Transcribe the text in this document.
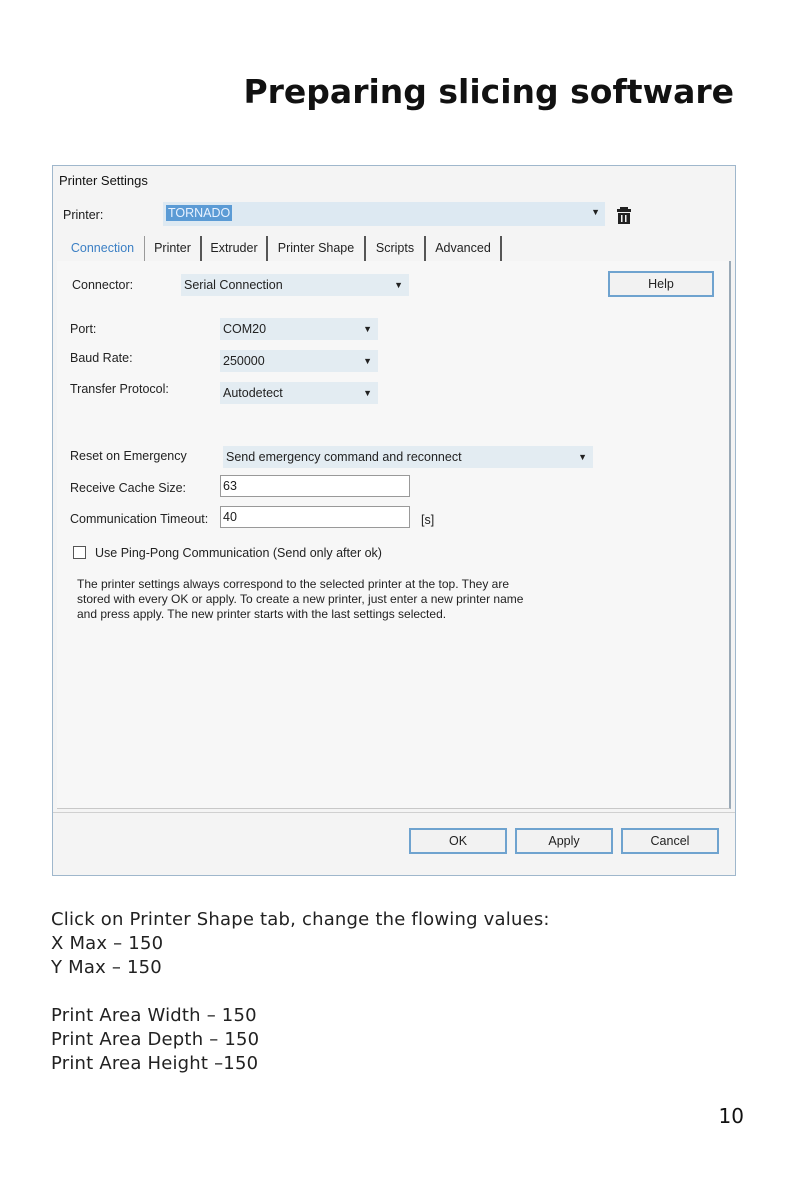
Preparing slicing software
Printer Settings
Printer:	TORNADO	▼
Connection	Printer	Extruder	Printer Shape	Scripts	Advanced
Connector:	Serial Connection	▼	Help
Port:	COM20	▼
Baud Rate:	250000	▼
Transfer Protocol:	Autodetect	▼
Reset on Emergency	Send emergency command and reconnect	▼
Receive Cache Size:	63
Communication Timeout: 40	[s]
Use Ping-Pong Communication (Send only after ok)
The printer settings always correspond to the selected printer at the top. They are stored with every OK or apply. To create a new printer, just enter a new printer name and press apply. The new printer starts with the last settings selected.
OK	Apply	Cancel
Click on Printer Shape tab, change the flowing values:
X Max – 150
Y Max – 150
Print Area Width – 150
Print Area Depth – 150
Print Area Height –150
10
